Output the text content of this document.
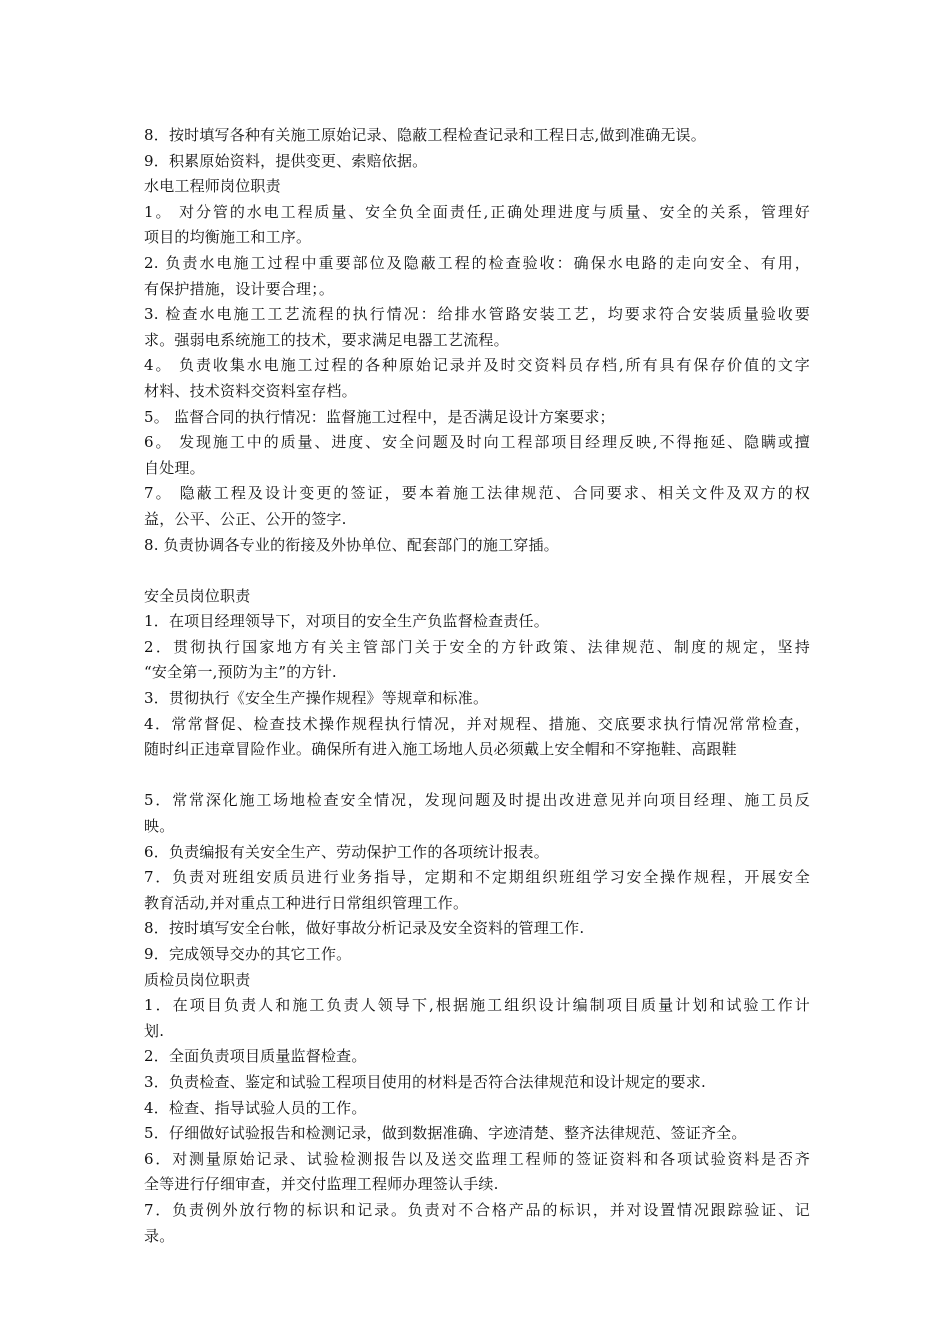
8．按时填写各种有关施工原始记录、隐蔽工程检查记录和工程日志,做到准确无误。
9．积累原始资料，提供变更、索赔依据。
水电工程师岗位职责
1。 对分管的水电工程质量、安全负全面责任,正确处理进度与质量、安全的关系，管理好
项目的均衡施工和工序。
2. 负责水电施工过程中重要部位及隐蔽工程的检查验收：确保水电路的走向安全、有用，
有保护措施，设计要合理；。
3. 检查水电施工工艺流程的执行情况：给排水管路安装工艺，均要求符合安装质量验收要
求。强弱电系统施工的技术，要求满足电器工艺流程。
4。 负责收集水电施工过程的各种原始记录并及时交资料员存档,所有具有保存价值的文字
材料、技术资料交资料室存档。
5。 监督合同的执行情况：监督施工过程中，是否满足设计方案要求；
6。 发现施工中的质量、进度、安全问题及时向工程部项目经理反映,不得拖延、隐瞒或擅
自处理。
7。 隐蔽工程及设计变更的签证，要本着施工法律规范、合同要求、相关文件及双方的权
益，公平、公正、公开的签字.
8. 负责协调各专业的衔接及外协单位、配套部门的施工穿插。
安全员岗位职责
1．在项目经理领导下，对项目的安全生产负监督检查责任。
2．贯彻执行国家地方有关主管部门关于安全的方针政策、法律规范、制度的规定，坚持
“安全第一,预防为主”的方针.
3．贯彻执行《安全生产操作规程》等规章和标准。
4．常常督促、检查技术操作规程执行情况，并对规程、措施、交底要求执行情况常常检查，
随时纠正违章冒险作业。确保所有进入施工场地人员必须戴上安全帽和不穿拖鞋、高跟鞋
5．常常深化施工场地检查安全情况，发现问题及时提出改进意见并向项目经理、施工员反
映。
6．负责编报有关安全生产、劳动保护工作的各项统计报表。
7．负责对班组安质员进行业务指导，定期和不定期组织班组学习安全操作规程，开展安全
教育活动,并对重点工种进行日常组织管理工作。
8．按时填写安全台帐，做好事故分析记录及安全资料的管理工作.
9．完成领导交办的其它工作。
质检员岗位职责
1．在项目负责人和施工负责人领导下,根据施工组织设计编制项目质量计划和试验工作计
划.
2．全面负责项目质量监督检查。
3．负责检查、鉴定和试验工程项目使用的材料是否符合法律规范和设计规定的要求.
4．检查、指导试验人员的工作。
5．仔细做好试验报告和检测记录，做到数据准确、字迹清楚、整齐法律规范、签证齐全。
6．对测量原始记录、试验检测报告以及送交监理工程师的签证资料和各项试验资料是否齐
全等进行仔细审查，并交付监理工程师办理签认手续.
7．负责例外放行物的标识和记录。负责对不合格产品的标识，并对设置情况跟踪验证、记
录。
